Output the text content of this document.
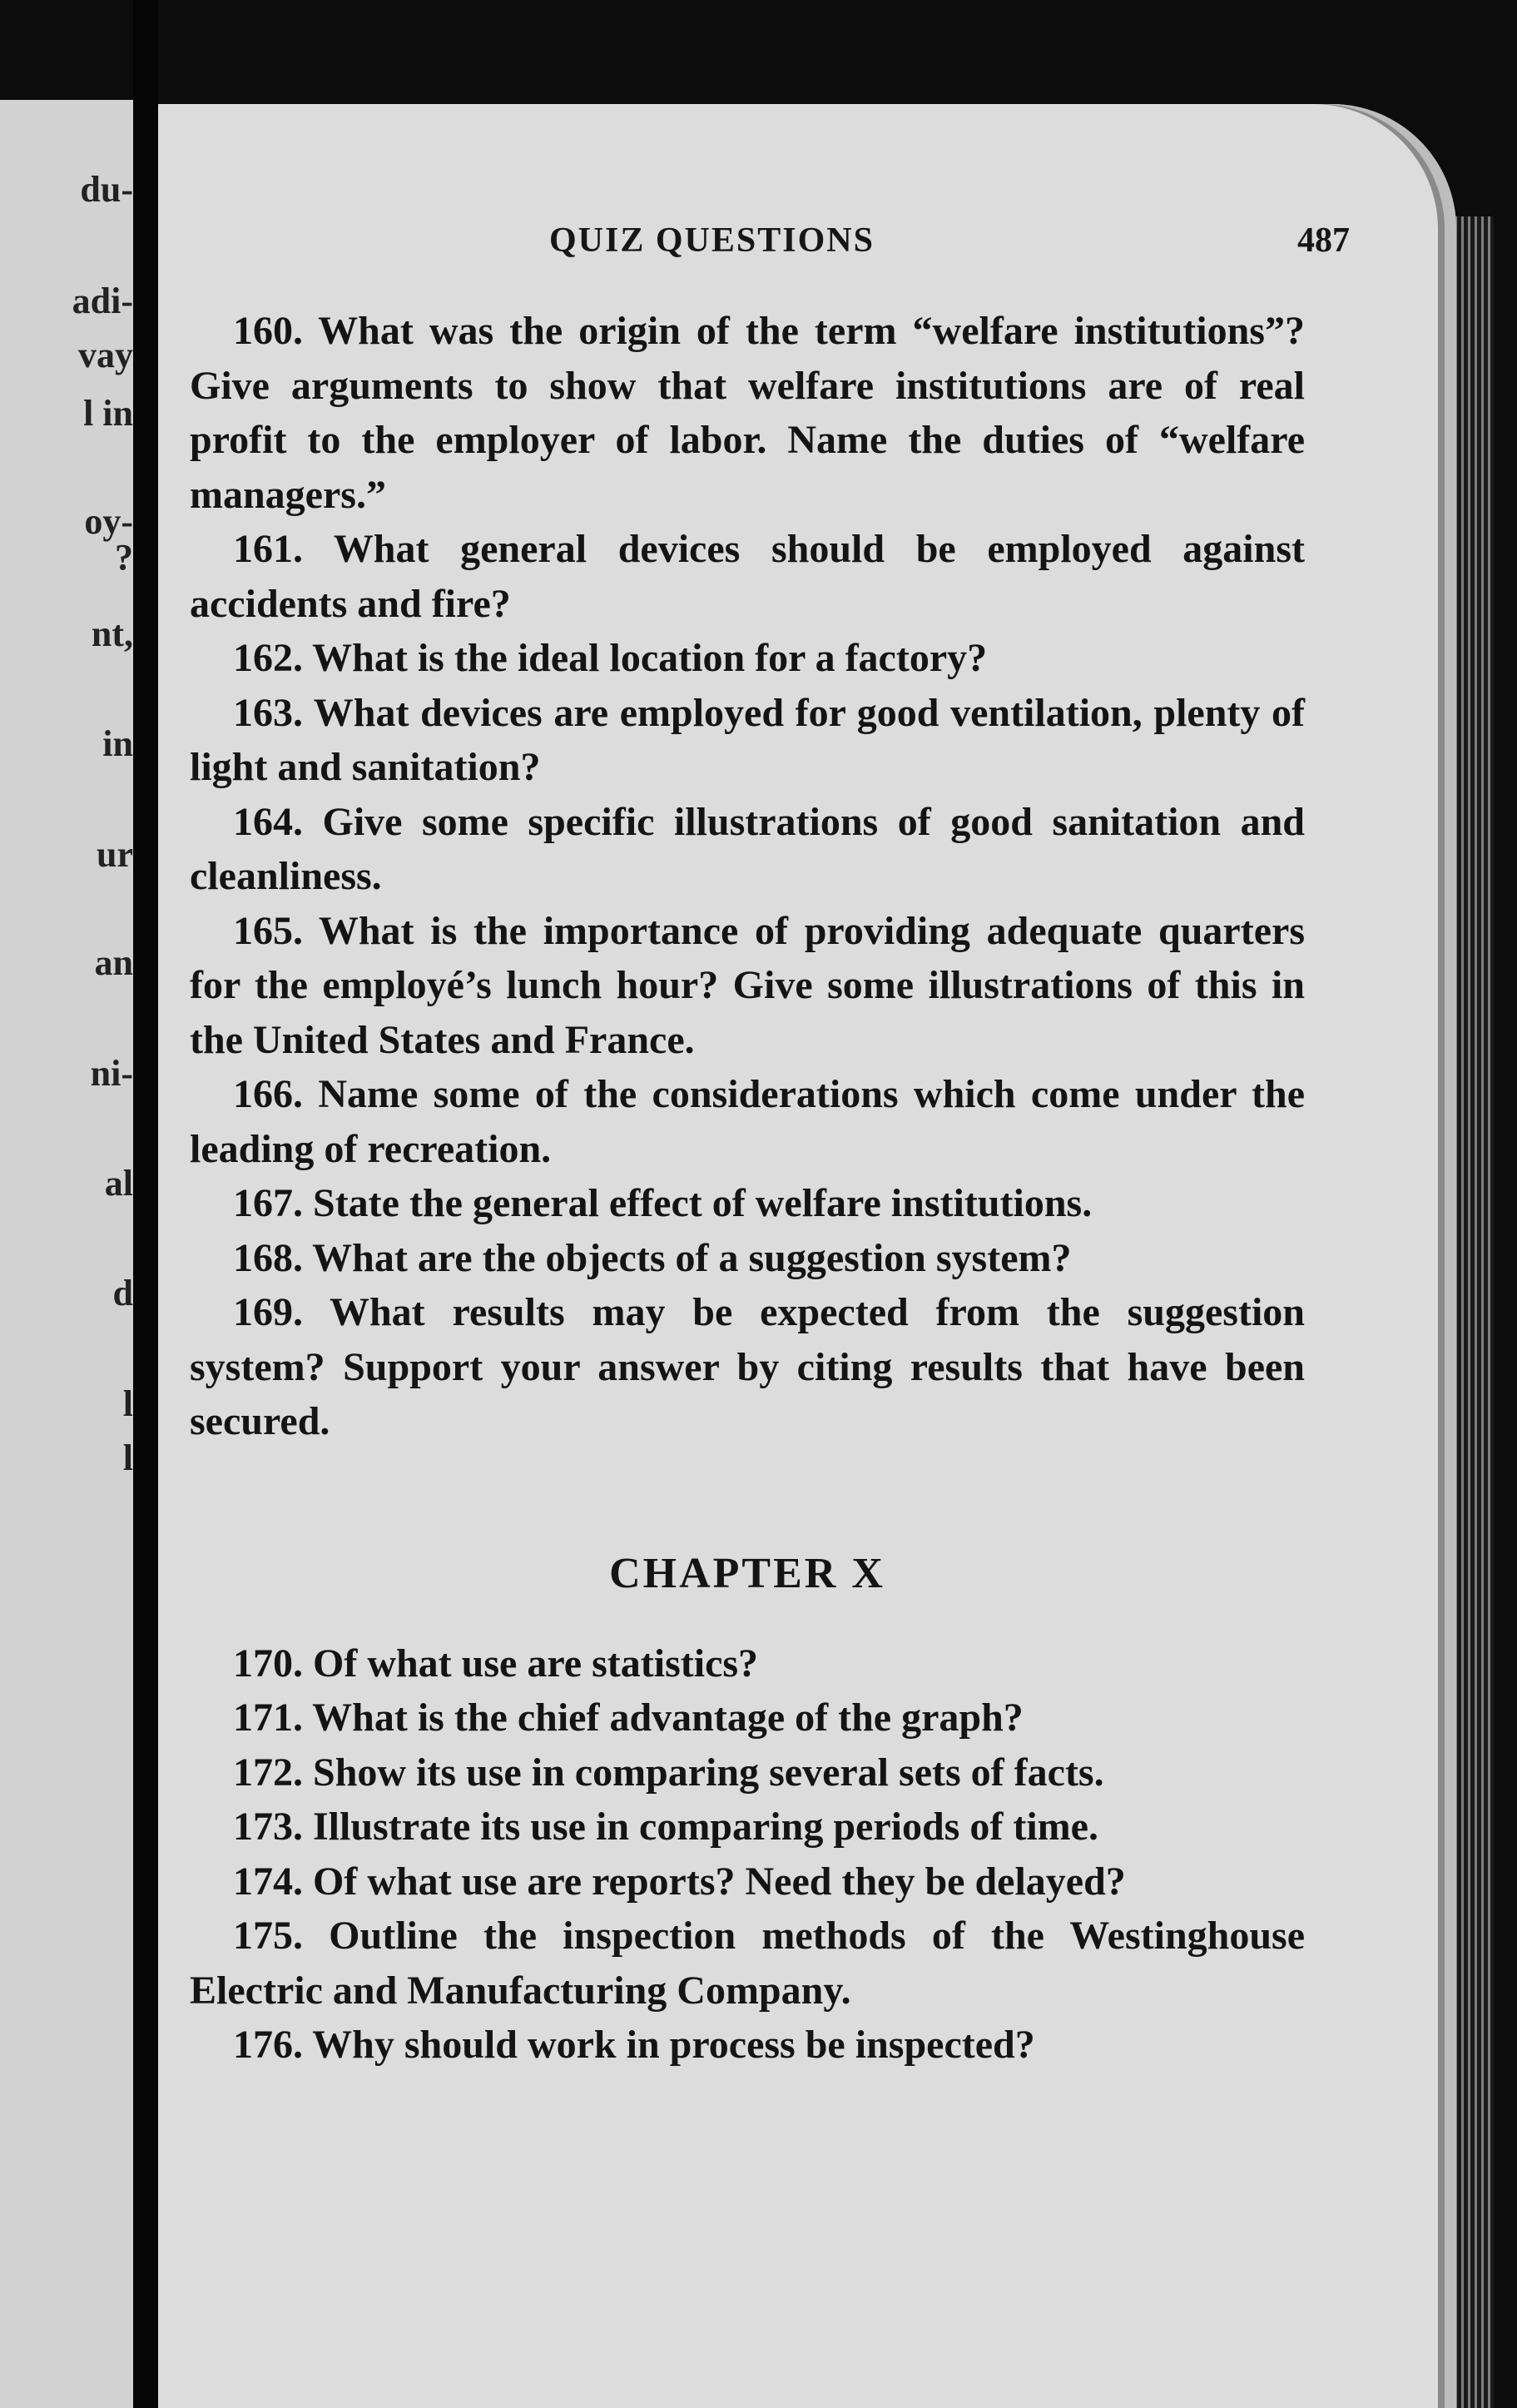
du-
adi-
vay
l in
oy-
?
nt,
in
ur
an
ni-
al
d
l
l
QUIZ QUESTIONS	487

160. What was the origin of the term “welfare institutions”? Give arguments to show that welfare institutions are of real profit to the employer of labor. Name the duties of “welfare managers.”

161. What general devices should be employed against accidents and fire?

162. What is the ideal location for a factory?

163. What devices are employed for good ventilation, plenty of light and sanitation?

164. Give some specific illustrations of good sanitation and cleanliness.

165. What is the importance of providing adequate quarters for the employé’s lunch hour? Give some illustrations of this in the United States and France.

166. Name some of the considerations which come under the leading of recreation.

167. State the general effect of welfare institutions.

168. What are the objects of a suggestion system?

169. What results may be expected from the suggestion system? Support your answer by citing results that have been secured.

CHAPTER X

170. Of what use are statistics?

171. What is the chief advantage of the graph?

172. Show its use in comparing several sets of facts.

173. Illustrate its use in comparing periods of time.

174. Of what use are reports? Need they be delayed?

175. Outline the inspection methods of the Westinghouse Electric and Manufacturing Company.

176. Why should work in process be inspected?
